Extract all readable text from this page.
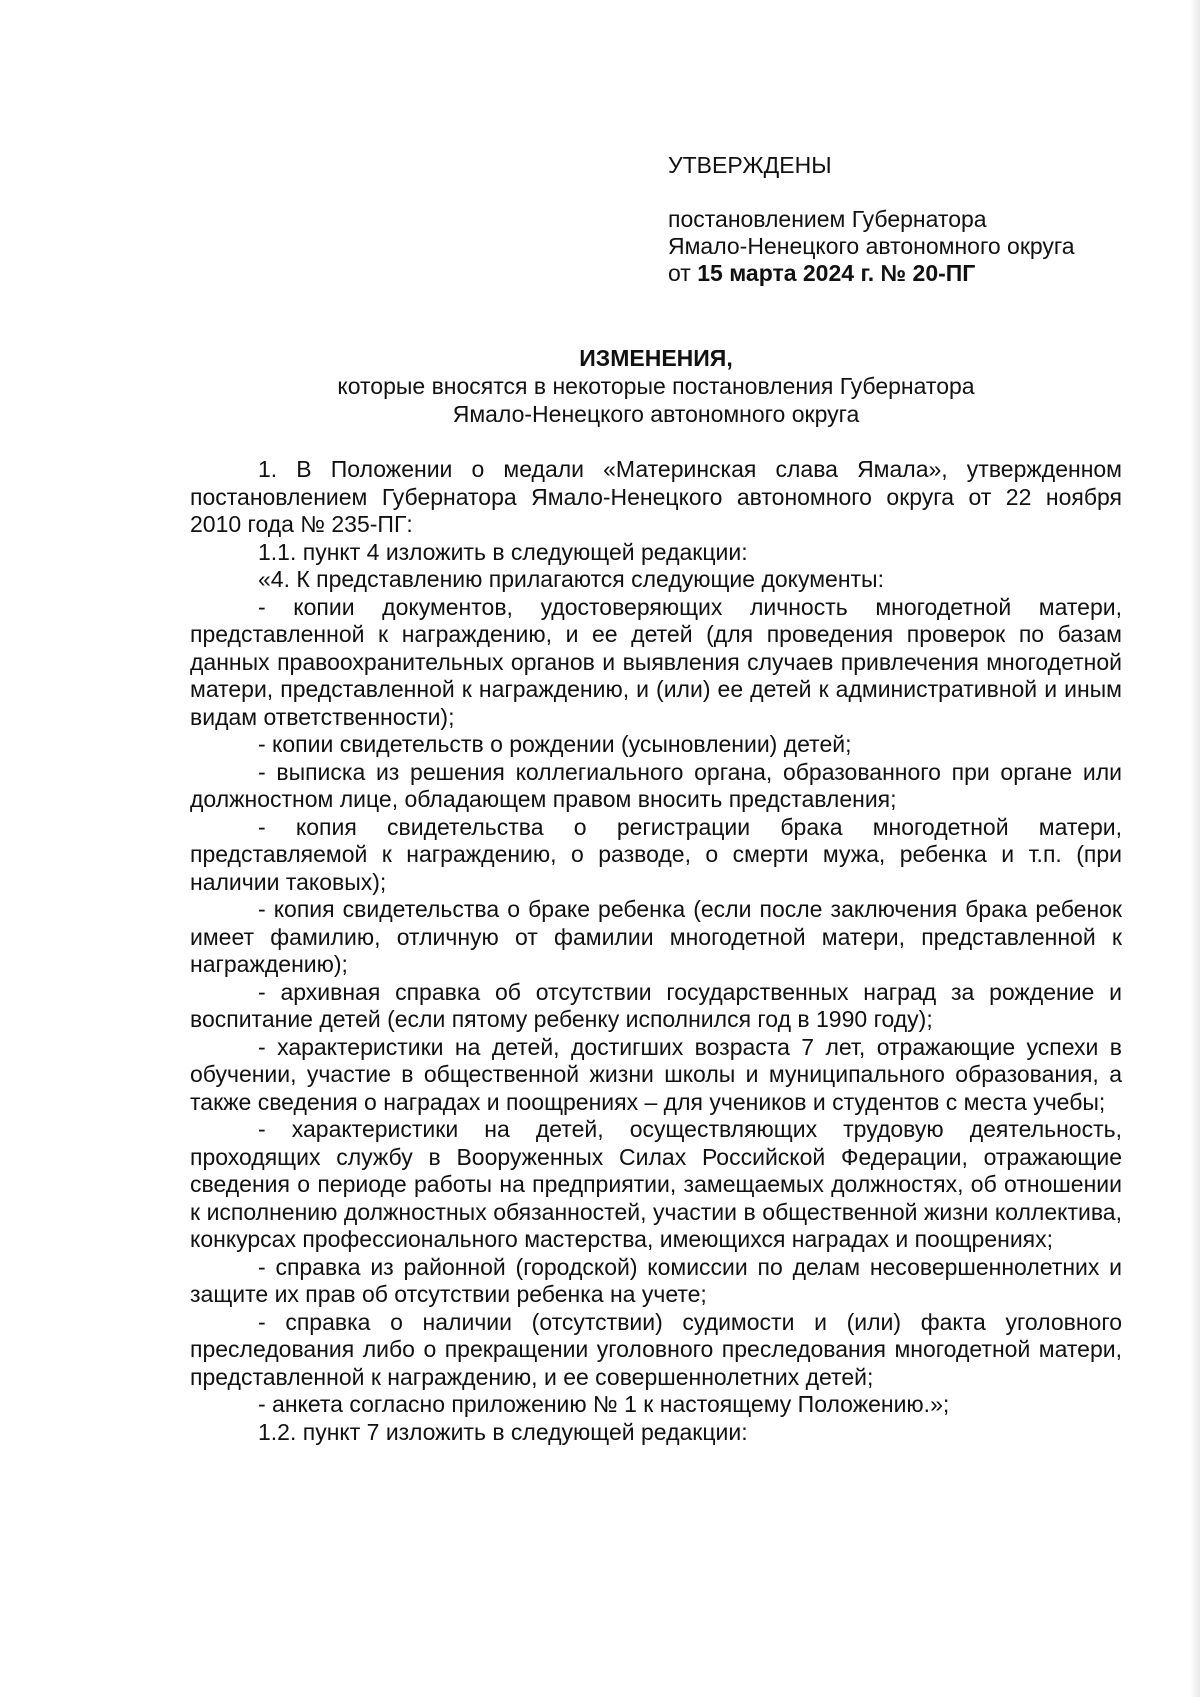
УТВЕРЖДЕНЫ
постановлением Губернатора
Ямало-Ненецкого автономного округа
от 15 марта 2024 г. № 20-ПГ
ИЗМЕНЕНИЯ,
которые вносятся в некоторые постановления Губернатора
Ямало-Ненецкого автономного округа

1. В Положении о медали «Материнская слава Ямала», утвержденном постановлением Губернатора Ямало-Ненецкого автономного округа от 22 ноября 2010 года № 235-ПГ:

1.1. пункт 4 изложить в следующей редакции:

«4. К представлению прилагаются следующие документы:

- копии документов, удостоверяющих личность многодетной матери, представленной к награждению, и ее детей (для проведения проверок по базам данных правоохранительных органов и выявления случаев привлечения многодетной матери, представленной к награждению, и (или) ее детей к административной и иным видам ответственности);

- копии свидетельств о рождении (усыновлении) детей;

- выписка из решения коллегиального органа, образованного при органе или должностном лице, обладающем правом вносить представления;

- копия свидетельства о регистрации брака многодетной матери, представляемой к награждению, о разводе, о смерти мужа, ребенка и т.п. (при наличии таковых);

- копия свидетельства о браке ребенка (если после заключения брака ребенок имеет фамилию, отличную от фамилии многодетной матери, представленной к награждению);

- архивная справка об отсутствии государственных наград за рождение и воспитание детей (если пятому ребенку исполнился год в 1990 году);

- характеристики на детей, достигших возраста 7 лет, отражающие успехи в обучении, участие в общественной жизни школы и муниципального образования, а также сведения о наградах и поощрениях – для учеников и студентов с места учебы;

- характеристики на детей, осуществляющих трудовую деятельность, проходящих службу в Вооруженных Силах Российской Федерации, отражающие сведения о периоде работы на предприятии, замещаемых должностях, об отношении к исполнению должностных обязанностей, участии в общественной жизни коллектива, конкурсах профессионального мастерства, имеющихся наградах и поощрениях;

- справка из районной (городской) комиссии по делам несовершеннолетних и защите их прав об отсутствии ребенка на учете;

- справка о наличии (отсутствии) судимости и (или) факта уголовного преследования либо о прекращении уголовного преследования многодетной матери, представленной к награждению, и ее совершеннолетних детей;

- анкета согласно приложению № 1 к настоящему Положению.»;

1.2. пункт 7 изложить в следующей редакции:
